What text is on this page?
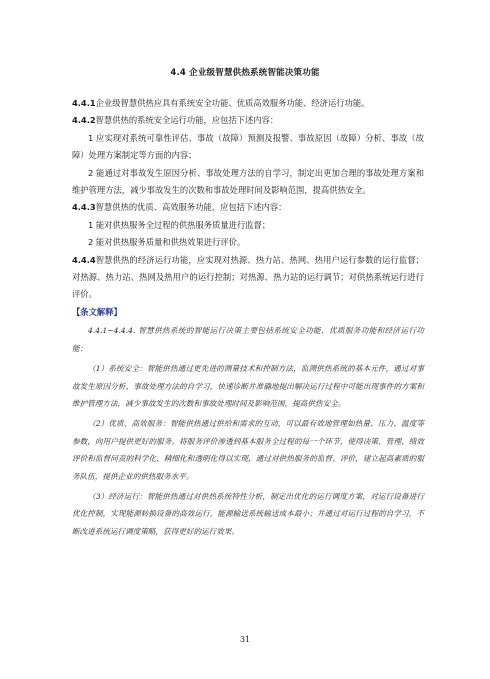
4.4 企业级智慧供热系统智能决策功能

4.4.1企业级智慧供热应具有系统安全功能、优质高效服务功能、经济运行功能。

4.4.2智慧供热的系统安全运行功能，应包括下述内容：

1 应实现对系统可靠性评估、事故（故障）预测及报警、事故原因（故障）分析、事故（故障）处理方案制定等方面的内容；

2 能通过对事故发生原因分析、事故处理方法的自学习，制定出更加合理的事故处理方案和维护管理方法，减少事故发生的次数和事故处理时间及影响范围，提高供热安全。

4.4.3智慧供热的优质、高效服务功能，应包括下述内容：

1 能对供热服务全过程的供热服务质量进行监督；

2 能对供热服务质量和供热效果进行评价。

4.4.4智慧供热的经济运行功能，应实现对热源、热力站、热网、热用户运行参数的运行监督；对热源、热力站、热网及热用户的运行控制；对热源、热力站的运行调节；对供热系统运行进行评价。

【条文解释】

4.4.1~4.4.4. 智慧供热系统的智能运行决策主要包括系统安全功能、优质服务功能和经济运行功能：

（1）系统安全：智能供热通过更先进的测量技术和控制方法，监测供热系统的基本元件，通过对事故发生原因分析、事故处理方法的自学习，快速诊断并准确地提出解决运行过程中可能出现事件的方案和维护管理方法，减少事故发生的次数和事故处理时间及影响范围，提高供热安全。

（2）优质、高效服务：智能供热通过供给和需求的互动，可以最有效地管理如热量、压力、温度等参数，向用户提供更好的服务。将服务评价渗透到基本服务全过程的每一个环节，使得决策、管理、绩效评价和监督问责的科学化、精细化和透明化得以实现，通过对供热服务的监督、评价，建立起高素质的服务队伍，提供企业的供热服务水平。

（3）经济运行：智能供热通过对供热系统特性分析，制定出优化的运行调度方案，对运行设备进行优化控制，实现能源转换设备的高效运行，能源输送系统输送成本最小；并通过对运行过程的自学习，不断改进系统运行调度策略，获得更好的运行效果。

31
